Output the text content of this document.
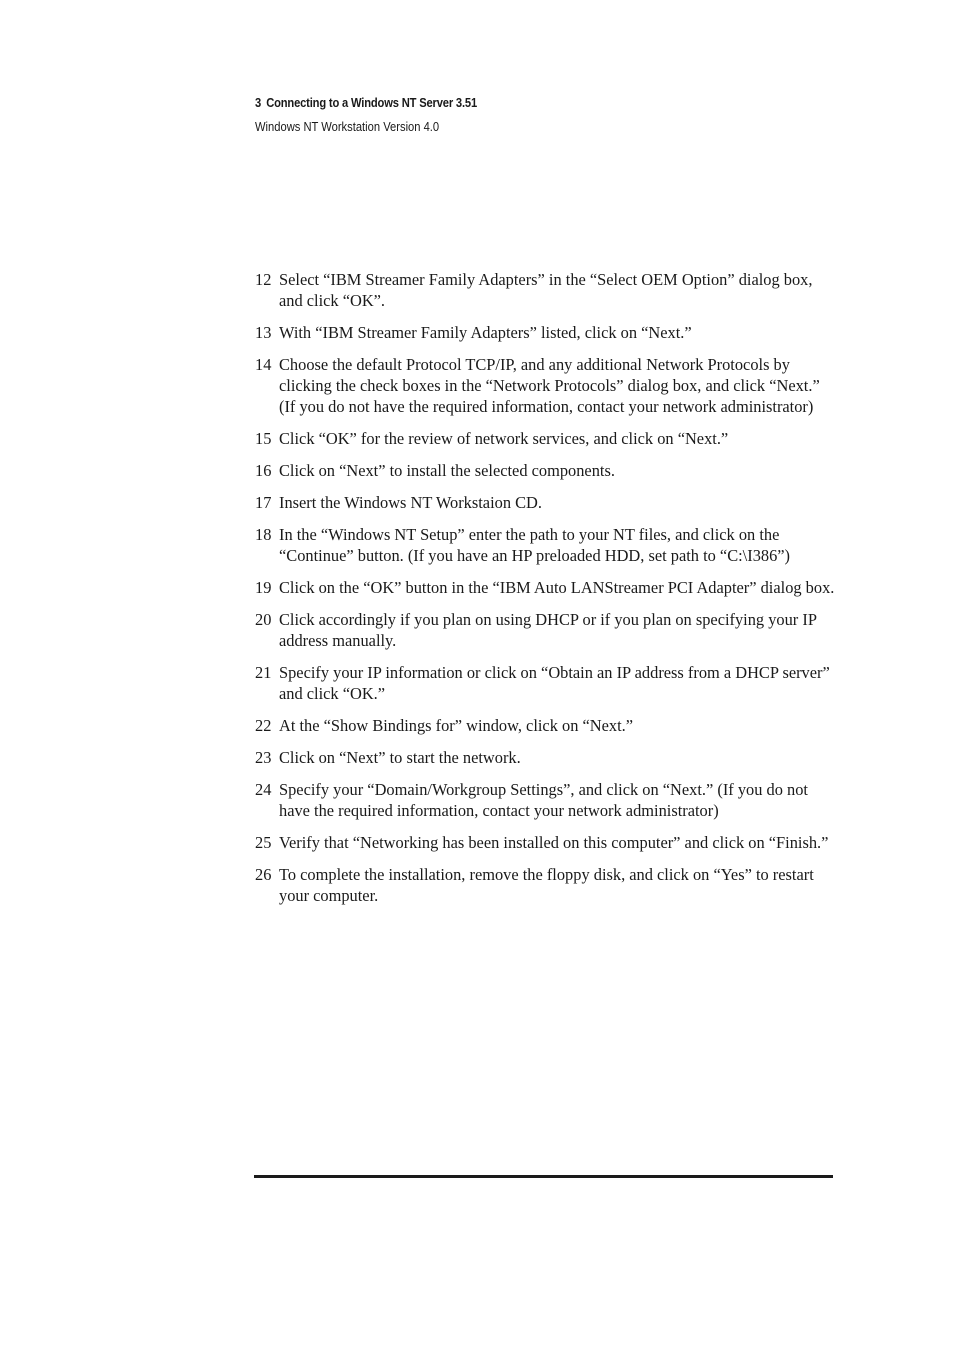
3 Connecting to a Windows NT Server 3.51
Windows NT Workstation Version 4.0
12 Select “IBM Streamer Family Adapters” in the “Select OEM Option” dialog box, and click “OK”.
13 With “IBM Streamer Family Adapters” listed, click on “Next.”
14 Choose the default Protocol TCP/IP, and any additional Network Protocols by clicking the check boxes in the “Network Protocols” dialog box, and click “Next.” (If you do not have the required information, contact your network administrator)
15 Click “OK” for the review of network services, and click on “Next.”
16 Click on “Next” to install the selected components.
17 Insert the Windows NT Workstaion CD.
18 In the “Windows NT Setup” enter the path to your NT files, and click on the “Continue” button. (If you have an HP preloaded HDD, set path to “C:\I386”)
19 Click on the “OK” button in the “IBM Auto LANStreamer PCI Adapter” dialog box.
20 Click accordingly if you plan on using DHCP or if you plan on specifying your IP address manually.
21 Specify your IP information or click on “Obtain an IP address from a DHCP server” and click “OK.”
22 At the “Show Bindings for” window, click on “Next.”
23 Click on “Next” to start the network.
24 Specify your “Domain/Workgroup Settings”, and click on “Next.” (If you do not have the required information, contact your network administrator)
25 Verify that “Networking has been installed on this computer” and click on “Finish.”
26 To complete the installation, remove the floppy disk, and click on “Yes” to restart your computer.
